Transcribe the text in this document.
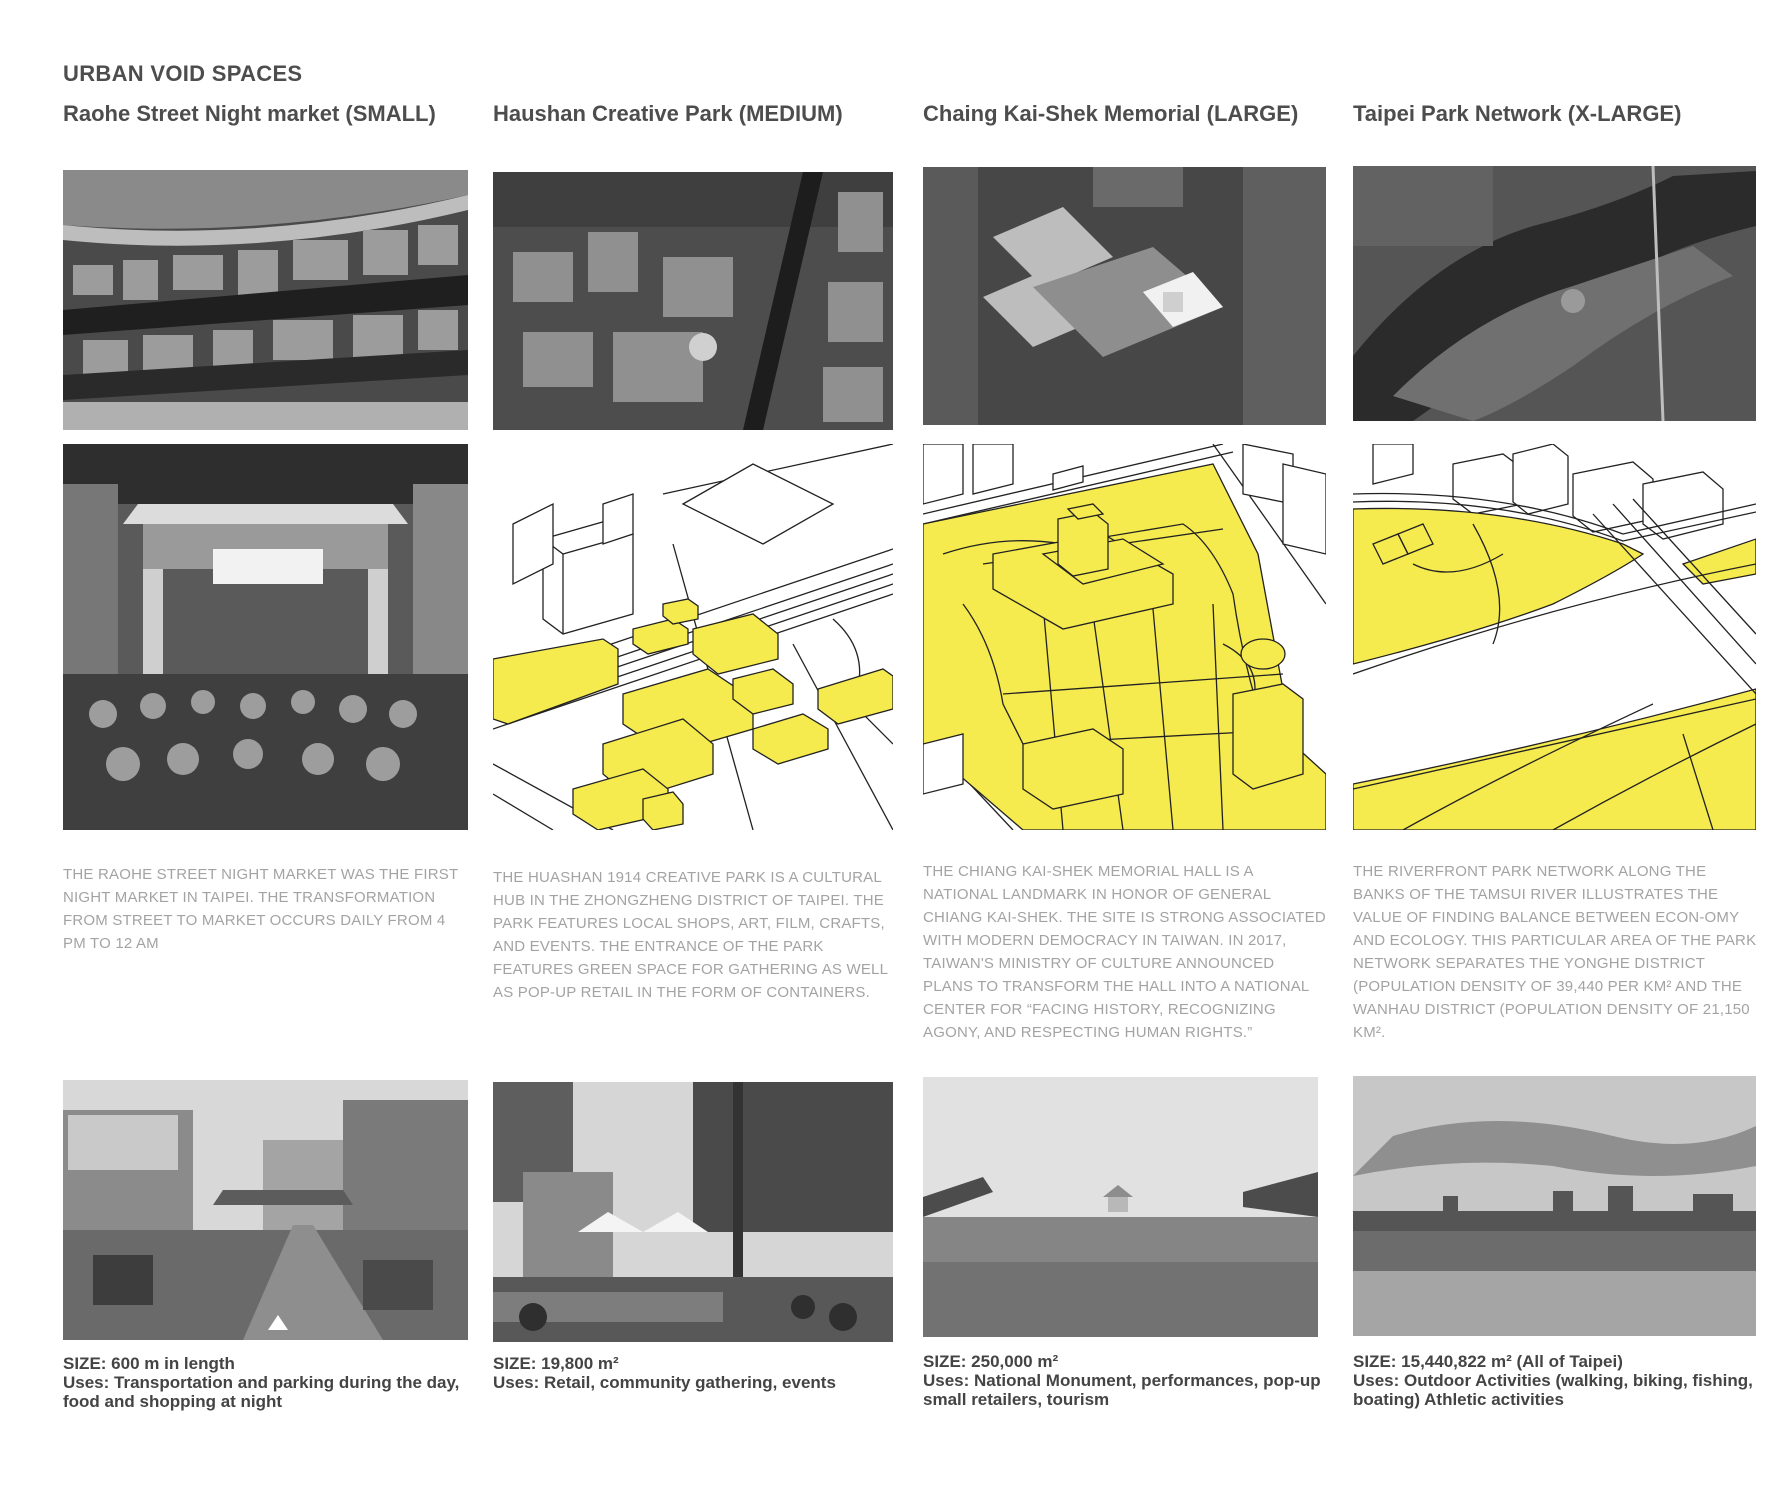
URBAN VOID SPACES
Raohe Street Night market (SMALL)
THE RAOHE STREET NIGHT MARKET WAS THE FIRST NIGHT MARKET IN TAIPEI. THE TRANSFORMATION FROM STREET TO MARKET OCCURS DAILY FROM 4 PM TO 12 AM
SIZE: 600 m in length
Uses: Transportation and parking during the day, food and shopping at night
Haushan Creative Park (MEDIUM)
THE HUASHAN 1914 CREATIVE PARK IS A CULTURAL HUB IN THE ZHONGZHENG DISTRICT OF TAIPEI. THE PARK FEATURES LOCAL SHOPS, ART, FILM, CRAFTS, AND EVENTS. THE ENTRANCE OF THE PARK FEATURES GREEN SPACE FOR GATHERING AS WELL AS POP-UP RETAIL IN THE FORM OF CONTAINERS.
SIZE: 19,800 m²
Uses: Retail, community gathering, events
Chaing Kai-Shek Memorial (LARGE)
THE CHIANG KAI-SHEK MEMORIAL HALL IS A NATIONAL LANDMARK IN HONOR OF GENERAL CHIANG KAI-SHEK. THE SITE IS STRONG ASSOCIATED WITH MODERN DEMOCRACY IN TAIWAN. IN 2017, TAIWAN'S MINISTRY OF CULTURE ANNOUNCED PLANS TO TRANSFORM THE HALL INTO A NATIONAL CENTER FOR “FACING HISTORY, RECOGNIZING AGONY, AND RESPECTING HUMAN RIGHTS.”
SIZE: 250,000 m²
Uses: National Monument, performances, pop-up small retailers, tourism
Taipei Park Network (X-LARGE)
THE RIVERFRONT PARK NETWORK ALONG THE BANKS OF THE TAMSUI RIVER ILLUSTRATES THE VALUE OF FINDING BALANCE BETWEEN ECON-OMY AND ECOLOGY. THIS PARTICULAR AREA OF THE PARK NETWORK SEPARATES THE YONGHE DISTRICT (POPULATION DENSITY OF 39,440 PER KM² AND THE WANHAU DISTRICT (POPULATION DENSITY OF 21,150 KM².
SIZE: 15,440,822 m² (All of Taipei)
Uses: Outdoor Activities (walking, biking, fishing, boating) Athletic activities
